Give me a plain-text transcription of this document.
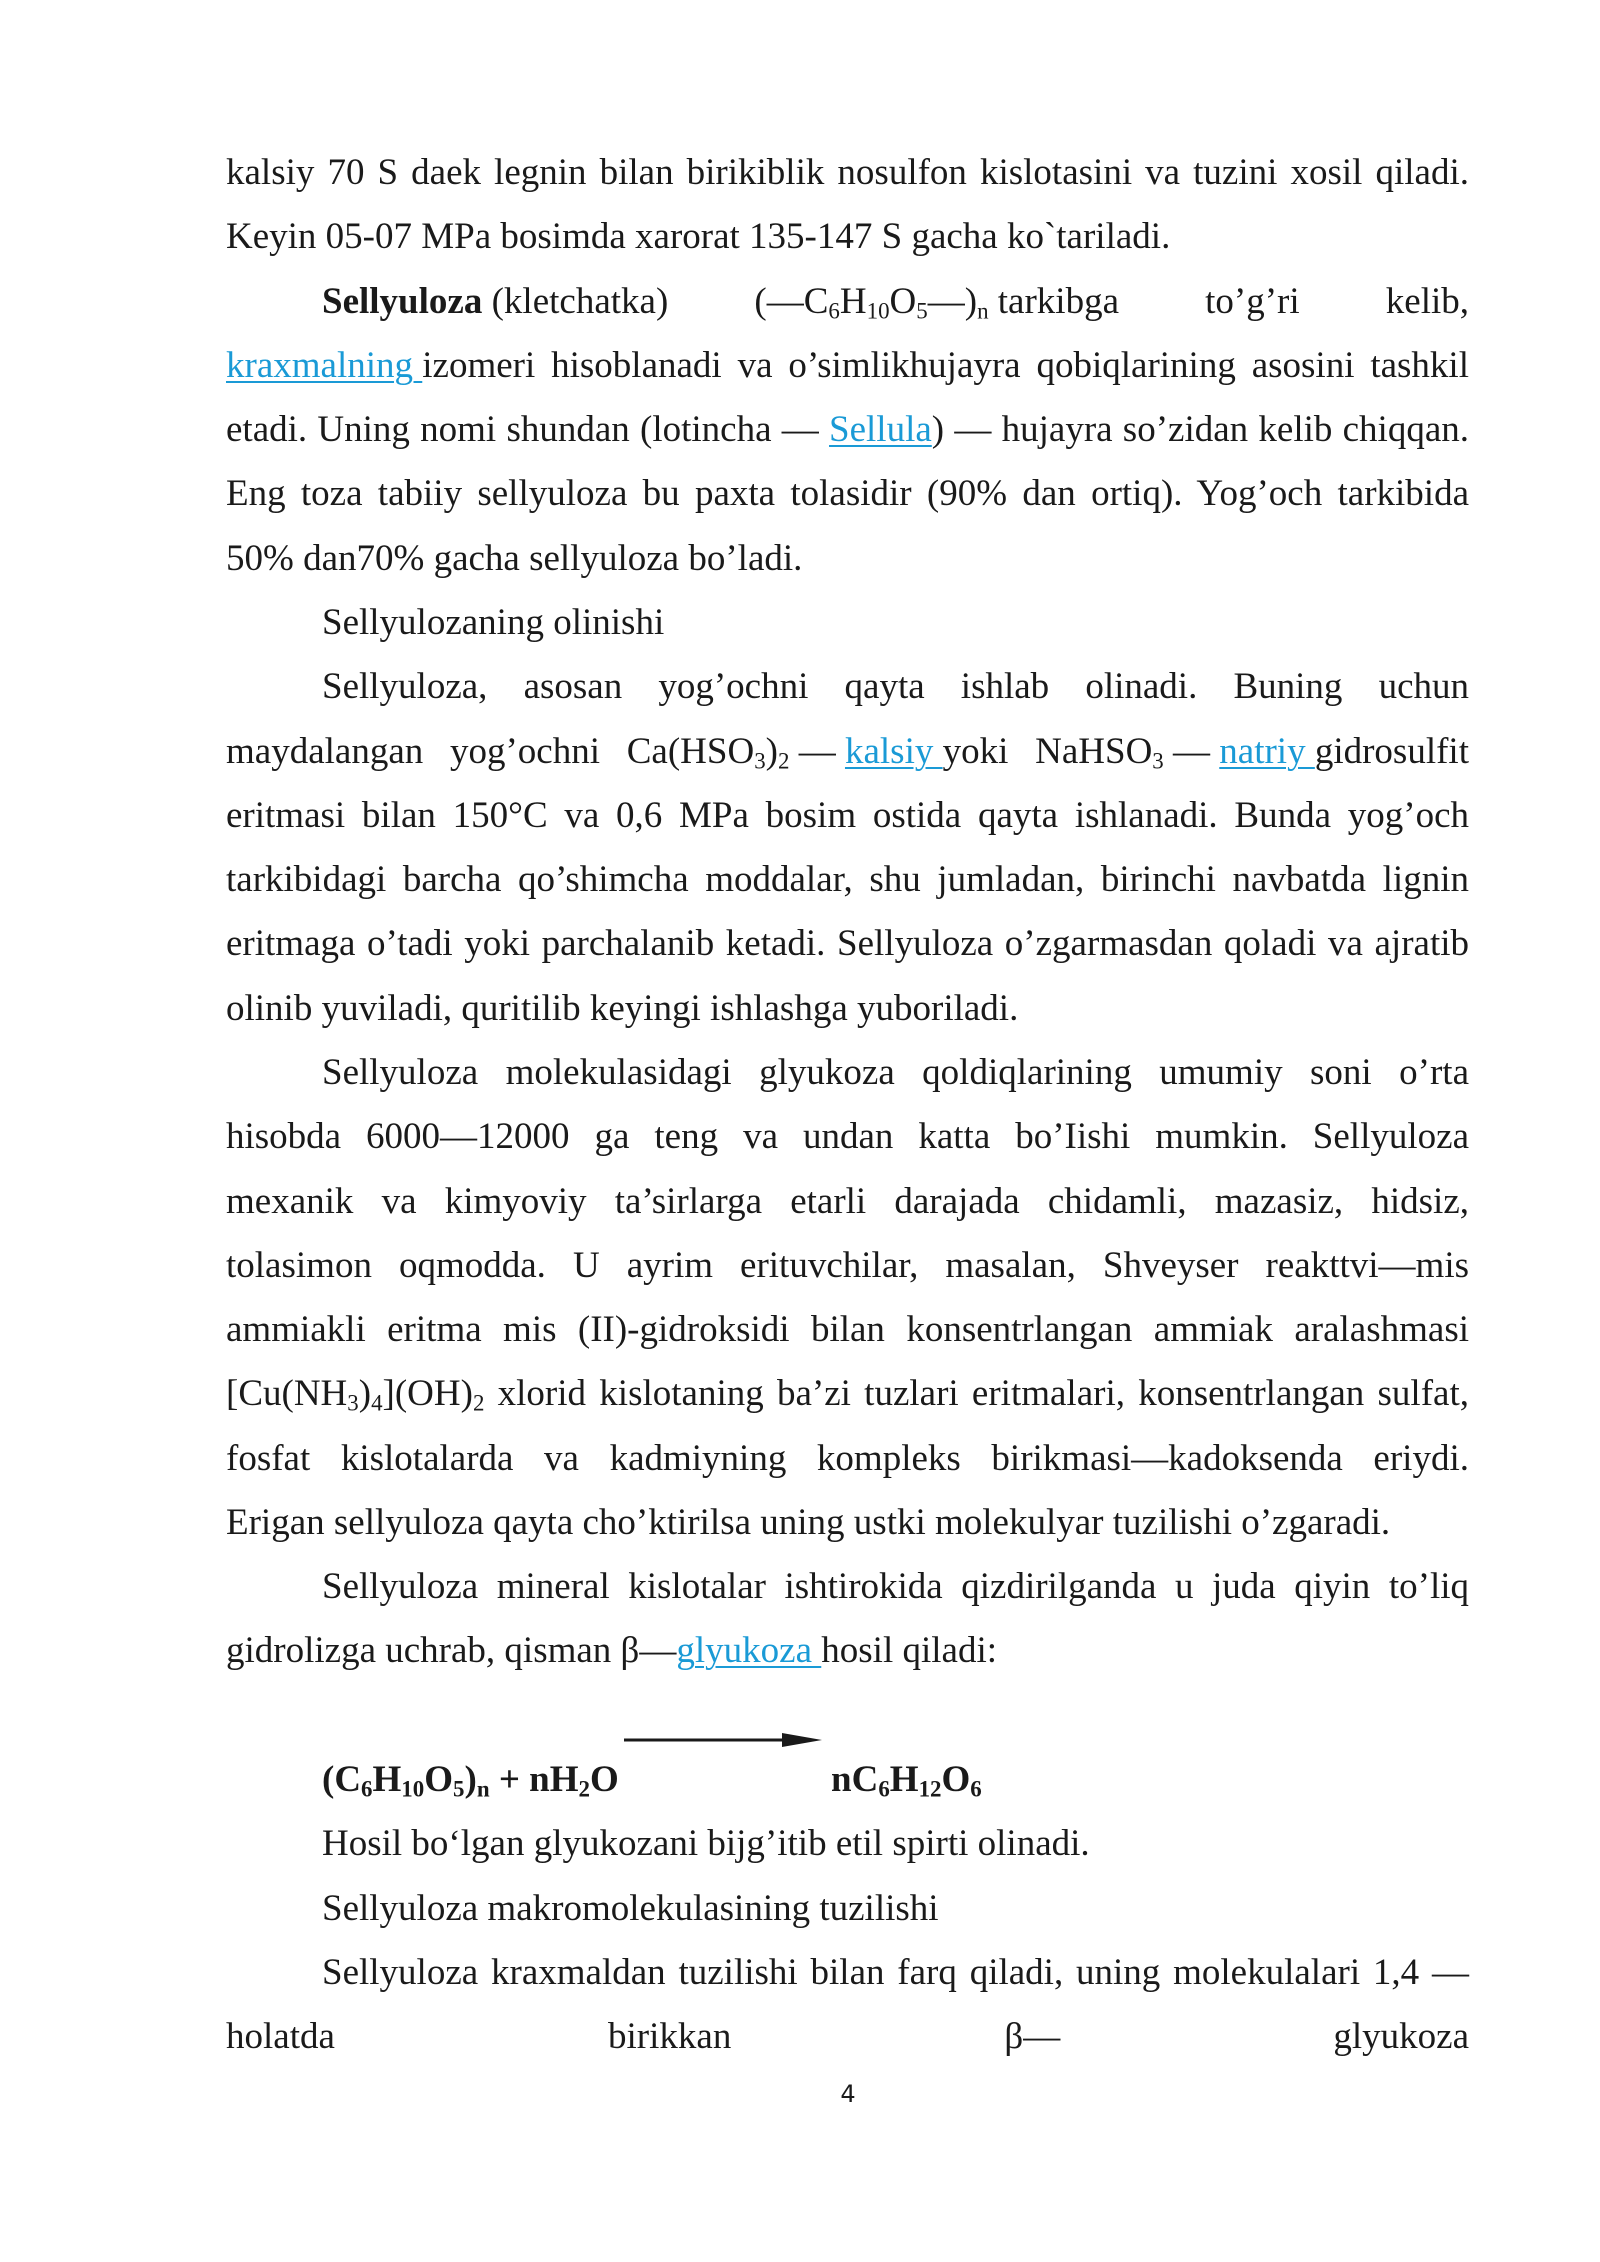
kalsiy 70 S daek legnin bilan birikiblik nosulfon kislotasini va tuzini xosil qiladi.
Keyin 05-07 MPa bosimda xarorat 135-147 S gacha ko`tariladi.
Sellyuloza (kletchatka) $(—C_6H_{10}O_5—)_n$ tarkibga to’g’ri kelib,
kraxmalning izomeri hisoblanadi va o’simlikhujayra qobiqlarining asosini tashkil
etadi. Uning nomi shundan (lotincha — Sellula) — hujayra so’zidan kelib chiqqan.
Eng toza tabiiy sellyuloza bu paxta tolasidir (90% dan ortiq). Yog’och tarkibida
50% dan70% gacha sellyuloza bo’ladi.
Sellyulozaning olinishi
Sellyuloza, asosan yog’ochni qayta ishlab olinadi. Buning uchun
maydalangan yog’ochni $Ca(HSO_3)_2$ — kalsiy yoki NaHSO$_3$ — natriy gidrosulfit
eritmasi bilan 150°C va 0,6 MPa bosim ostida qayta ishlanadi. Bunda yog’och
tarkibidagi barcha qo’shimcha moddalar, shu jumladan, birinchi navbatda lignin
eritmaga o’tadi yoki parchalanib ketadi. Sellyuloza o’zgarmasdan qoladi va ajratib
olinib yuviladi, quritilib keyingi ishlashga yuboriladi.
Sellyuloza molekulasidagi glyukoza qoldiqlarining umumiy soni o’rta
hisobda 6000—12000 ga teng va undan katta bo’Iishi mumkin. Sellyuloza
mexanik va kimyoviy ta’sirlarga etarli darajada chidamli, mazasiz, hidsiz,
tolasimon oqmodda. U ayrim erituvchilar, masalan, Shveyser reakttvi—mis
ammiakli eritma mis (II)-gidroksidi bilan konsentrlangan ammiak aralashmasi
$[Cu(NH_3)_4](OH)_2$ xlorid kislotaning ba’zi tuzlari eritmalari, konsentrlangan sulfat,
fosfat kislotalarda va kadmiyning kompleks birikmasi—kadoksenda eriydi.
Erigan sellyuloza qayta cho’ktirilsa uning ustki molekulyar tuzilishi o’zgaradi.
Sellyuloza mineral kislotalar ishtirokida qizdirilganda u juda qiyin to’liq
gidrolizga uchrab, qisman β—glyukoza hosil qiladi:
$(C_6H_{10}O_5)_n + nH_2O$	$nC_6H_{12}O_6$
Hosil bo‘lgan glyukozani bijg’itib etil spirti olinadi.
Sellyuloza makromolekulasining tuzilishi
Sellyuloza kraxmaldan tuzilishi bilan farq qiladi, uning molekulalari 1,4 —
holatda birikkan β— glyukoza
4
